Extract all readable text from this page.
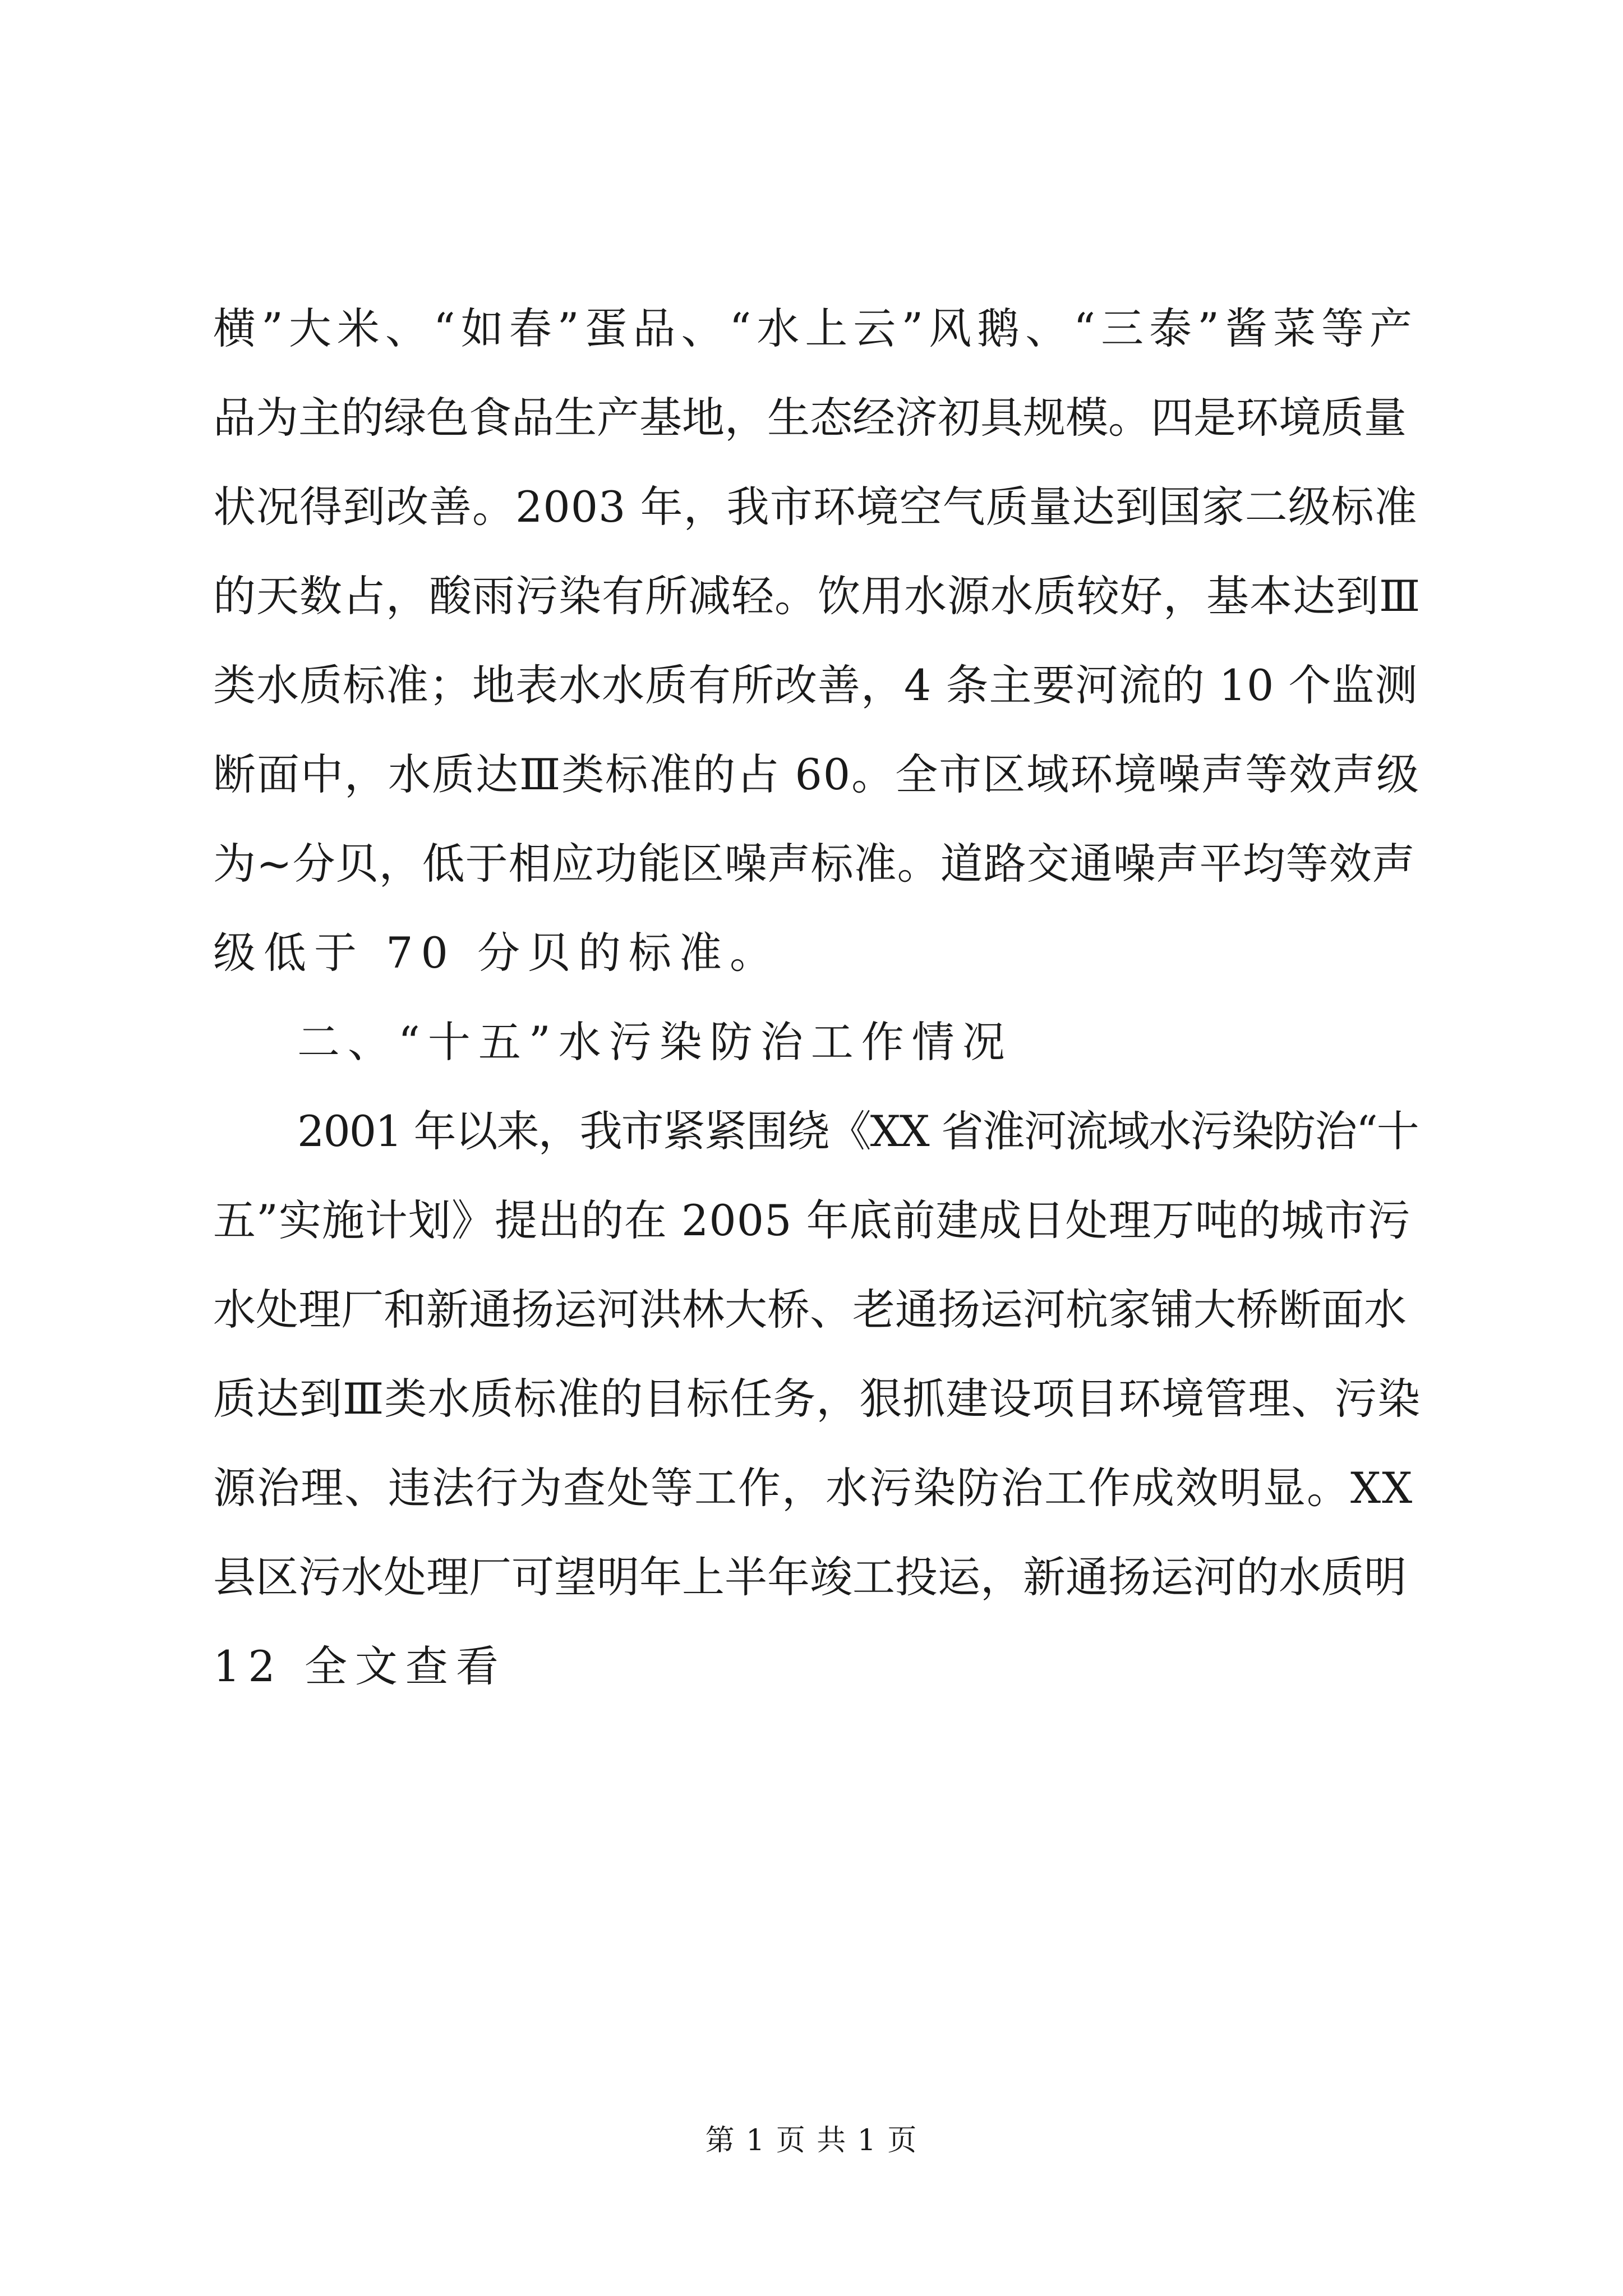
横”大米、“如春”蛋品、“水上云”风鹅、“三泰”酱菜等产
品为主的绿色食品生产基地，生态经济初具规模。四是环境质量
状况得到改善。2003 年，我市环境空气质量达到国家二级标准
的天数占，酸雨污染有所减轻。饮用水源水质较好，基本达到Ⅲ
类水质标准；地表水水质有所改善，4 条主要河流的 10 个监测
断面中，水质达Ⅲ类标准的占 60。全市区域环境噪声等效声级
为~分贝，低于相应功能区噪声标准。道路交通噪声平均等效声
级低于 70 分贝的标准。
二、“十五”水污染防治工作情况
2001 年以来，我市紧紧围绕《XX 省淮河流域水污染防治“十
五”实施计划》提出的在 2005 年底前建成日处理万吨的城市污
水处理厂和新通扬运河洪林大桥、老通扬运河杭家铺大桥断面水
质达到Ⅲ类水质标准的目标任务，狠抓建设项目环境管理、污染
源治理、违法行为查处等工作，水污染防治工作成效明显。XX
县区污水处理厂可望明年上半年竣工投运，新通扬运河的水质明
12 全文查看
第 1 页 共 1 页
